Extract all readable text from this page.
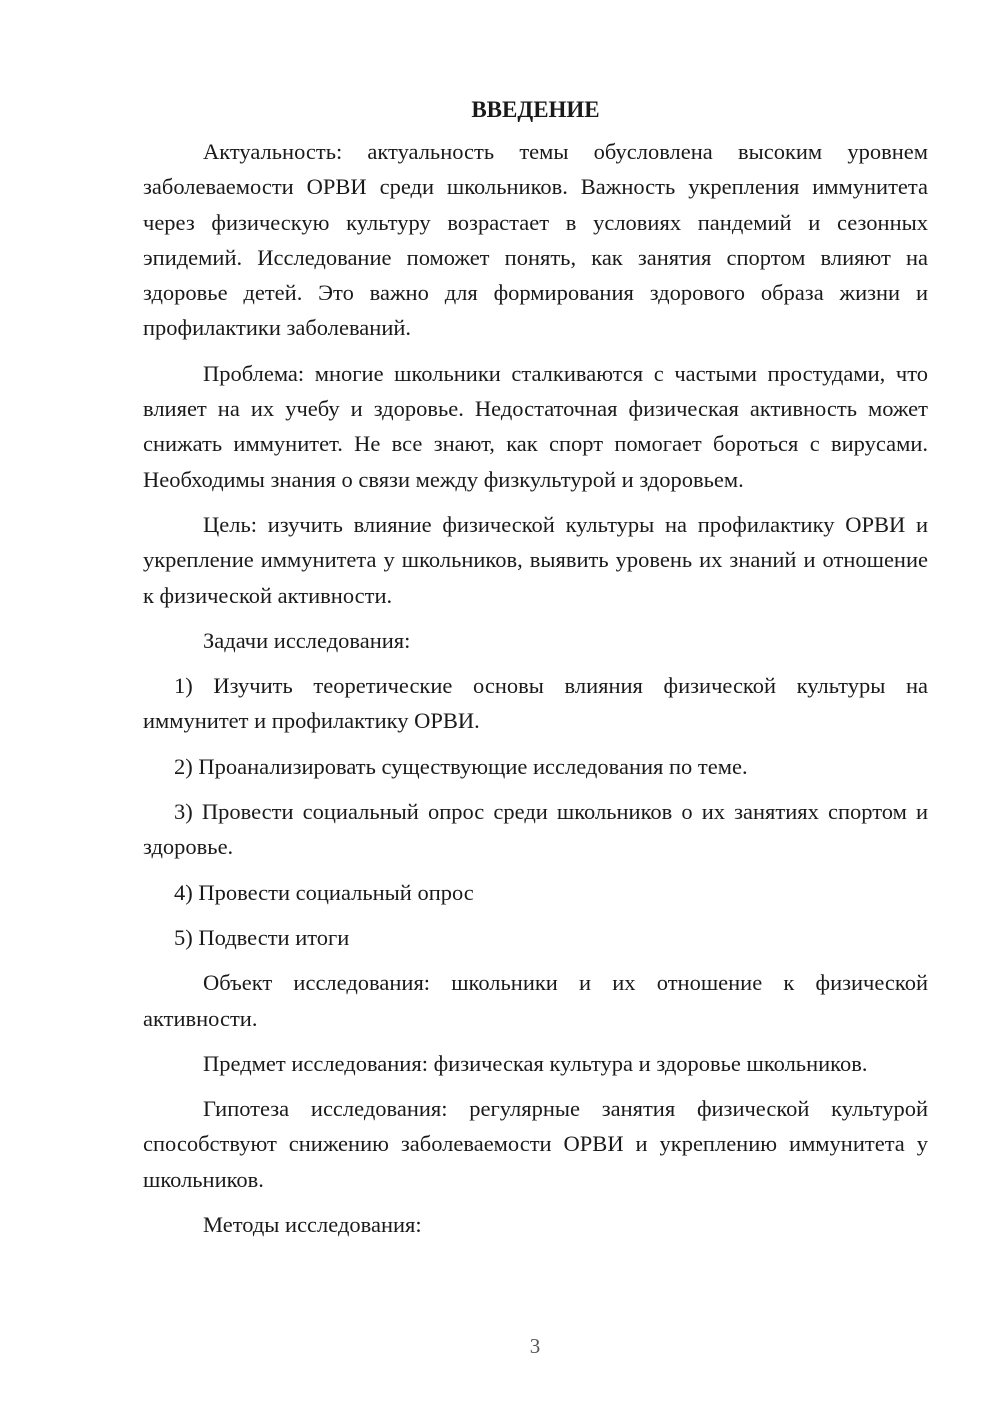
ВВЕДЕНИЕ

Актуальность: актуальность темы обусловлена высоким уровнем заболеваемости ОРВИ среди школьников. Важность укрепления иммунитета через физическую культуру возрастает в условиях пандемий и сезонных эпидемий. Исследование поможет понять, как занятия спортом влияют на здоровье детей. Это важно для формирования здорового образа жизни и профилактики заболеваний.

Проблема: многие школьники сталкиваются с частыми простудами, что влияет на их учебу и здоровье. Недостаточная физическая активность может снижать иммунитет. Не все знают, как спорт помогает бороться с вирусами. Необходимы знания о связи между физкультурой и здоровьем.

Цель: изучить влияние физической культуры на профилактику ОРВИ и укрепление иммунитета у школьников, выявить уровень их знаний и отношение к физической активности.

Задачи исследования:

1) Изучить теоретические основы влияния физической культуры на иммунитет и профилактику ОРВИ.

2) Проанализировать существующие исследования по теме.

3) Провести социальный опрос среди школьников о их занятиях спортом и здоровье.

4) Провести социальный опрос

5) Подвести итоги

Объект исследования: школьники и их отношение к физической активности.

Предмет исследования: физическая культура и здоровье школьников.

Гипотеза исследования: регулярные занятия физической культурой способствуют снижению заболеваемости ОРВИ и укреплению иммунитета у школьников.

Методы исследования:

3
